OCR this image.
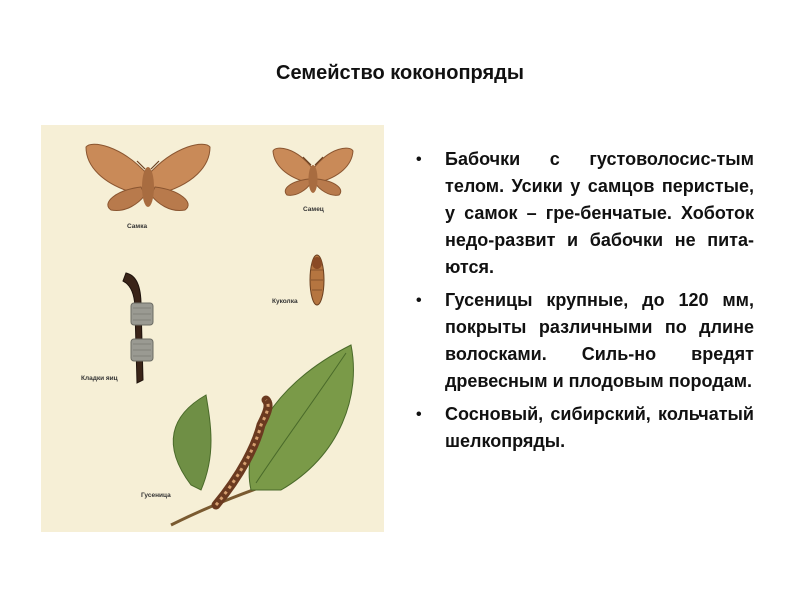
Семейство коконопряды
Самка
Самец
Куколка
Кладки яиц
Гусеница
• Бабочки с густоволосис-тым телом. Усики у самцов перистые, у самок – гре-бенчатые. Хоботок недо-развит и бабочки не пита-ются.
• Гусеницы крупные, до 120 мм, покрыты различными по длине волосками. Силь-но вредят древесным и плодовым породам.
• Сосновый, сибирский, кольчатый шелкопряды.
